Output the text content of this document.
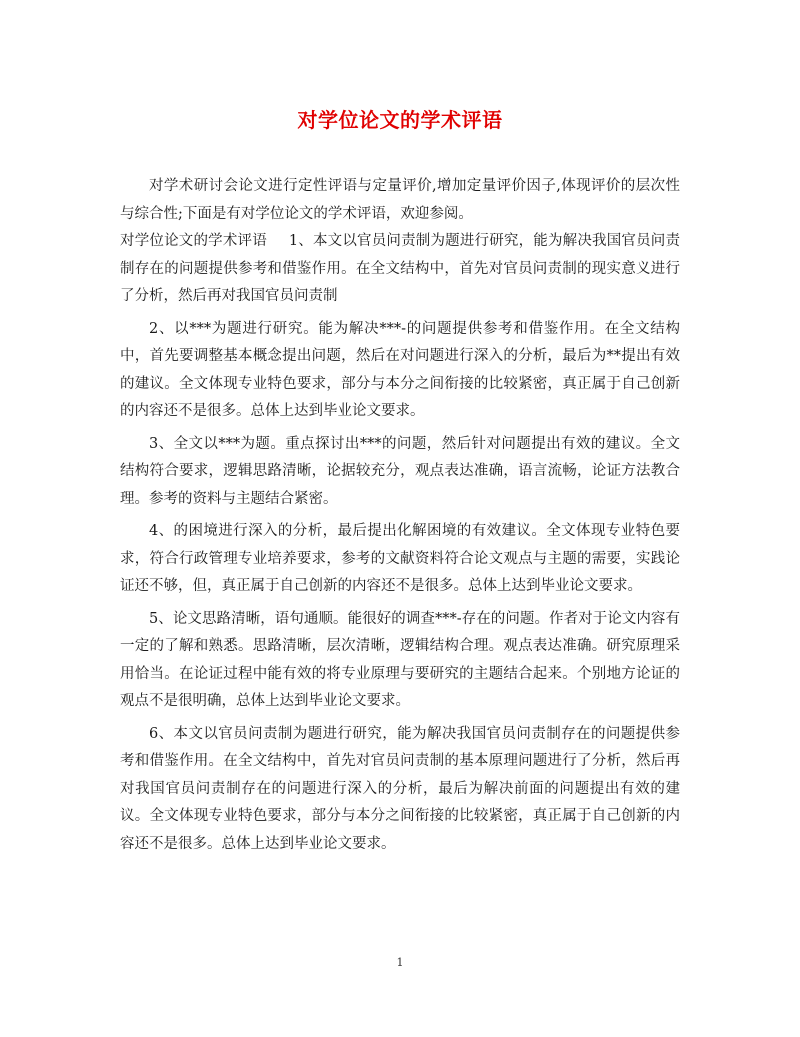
对学位论文的学术评语

对学术研讨会论文进行定性评语与定量评价,增加定量评价因子,体现评价的层次性与综合性;下面是有对学位论文的学术评语，欢迎参阅。

对学位论文的学术评语 1、本文以官员问责制为题进行研究，能为解决我国官员问责制存在的问题提供参考和借鉴作用。在全文结构中，首先对官员问责制的现实意义进行了分析，然后再对我国官员问责制

2、以***为题进行研究。能为解决***-的问题提供参考和借鉴作用。在全文结构中，首先要调整基本概念提出问题，然后在对问题进行深入的分析，最后为**提出有效的建议。全文体现专业特色要求，部分与本分之间衔接的比较紧密，真正属于自己创新的内容还不是很多。总体上达到毕业论文要求。

3、全文以***为题。重点探讨出***的问题，然后针对问题提出有效的建议。全文结构符合要求，逻辑思路清晰，论据较充分，观点表达准确，语言流畅，论证方法教合理。参考的资料与主题结合紧密。

4、的困境进行深入的分析，最后提出化解困境的有效建议。全文体现专业特色要求，符合行政管理专业培养要求，参考的文献资料符合论文观点与主题的需要，实践论证还不够，但，真正属于自己创新的内容还不是很多。总体上达到毕业论文要求。

5、论文思路清晰，语句通顺。能很好的调查***-存在的问题。作者对于论文内容有一定的了解和熟悉。思路清晰，层次清晰，逻辑结构合理。观点表达准确。研究原理采用恰当。在论证过程中能有效的将专业原理与要研究的主题结合起来。个别地方论证的观点不是很明确，总体上达到毕业论文要求。

6、本文以官员问责制为题进行研究，能为解决我国官员问责制存在的问题提供参考和借鉴作用。在全文结构中，首先对官员问责制的基本原理问题进行了分析，然后再对我国官员问责制存在的问题进行深入的分析，最后为解决前面的问题提出有效的建议。全文体现专业特色要求，部分与本分之间衔接的比较紧密，真正属于自己创新的内容还不是很多。总体上达到毕业论文要求。

1
